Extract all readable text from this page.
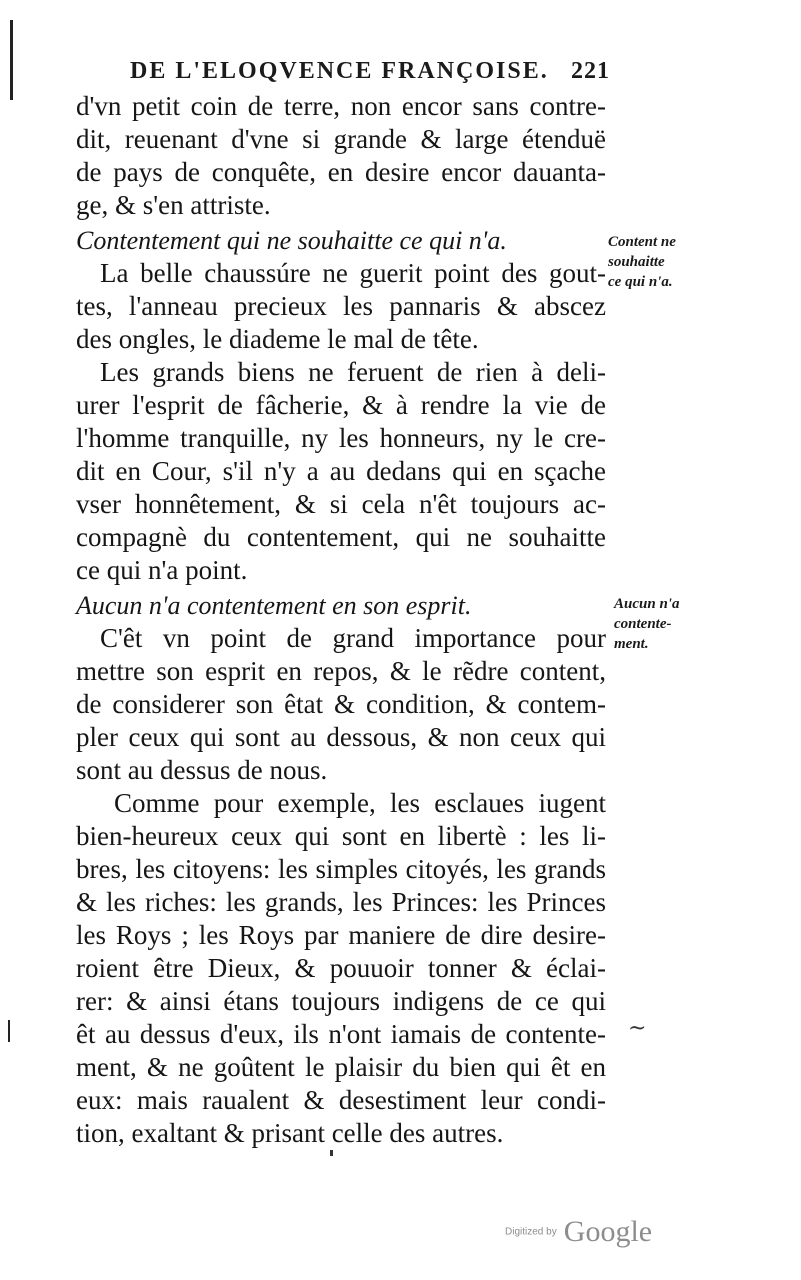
DE L'ELOQVENCE FRANÇOISE. 221
d'vn petit coin de terre, non encor sans contre-
dit, reuenant d'vne si grande & large étenduë
de pays de conquête, en desire encor dauanta-
ge, & s'en attriste.
Contentement qui ne souhaitte ce qui n'a.
La belle chaussúre ne guerit point des gout-
tes, l'anneau precieux les pannaris & abscez
des ongles, le diademe le mal de tête.
Les grands biens ne feruent de rien à deli-
urer l'esprit de fâcherie, & à rendre la vie de
l'homme tranquille, ny les honneurs, ny le cre-
dit en Cour, s'il n'y a au dedans qui en sçache
vser honnêtement, & si cela n'êt toujours ac-
compagnè du contentement, qui ne souhaitte
ce qui n'a point.
Aucun n'a contentement en son esprit.
C'êt vn point de grand importance pour
mettre son esprit en repos, & le rẽdre content,
de considerer son êtat & condition, & contem-
pler ceux qui sont au dessous, & non ceux qui
sont au dessus de nous.
Comme pour exemple, les esclaues iugent
bien-heureux ceux qui sont en libertè : les li-
bres, les citoyens: les simples citoyés, les grands
& les riches: les grands, les Princes: les Princes
les Roys ; les Roys par maniere de dire desire-
roient être Dieux, & pouuoir tonner & éclai-
rer: & ainsi étans toujours indigens de ce qui
êt au dessus d'eux, ils n'ont iamais de contente-
ment, & ne goûtent le plaisir du bien qui êt en
eux: mais raualent & desestiment leur condi-
tion, exaltant & prisant celle des autres.
Content ne
souhaitte
ce qui n'a.
Aucun n'a
contente-
ment.
~
Digitized by Google
